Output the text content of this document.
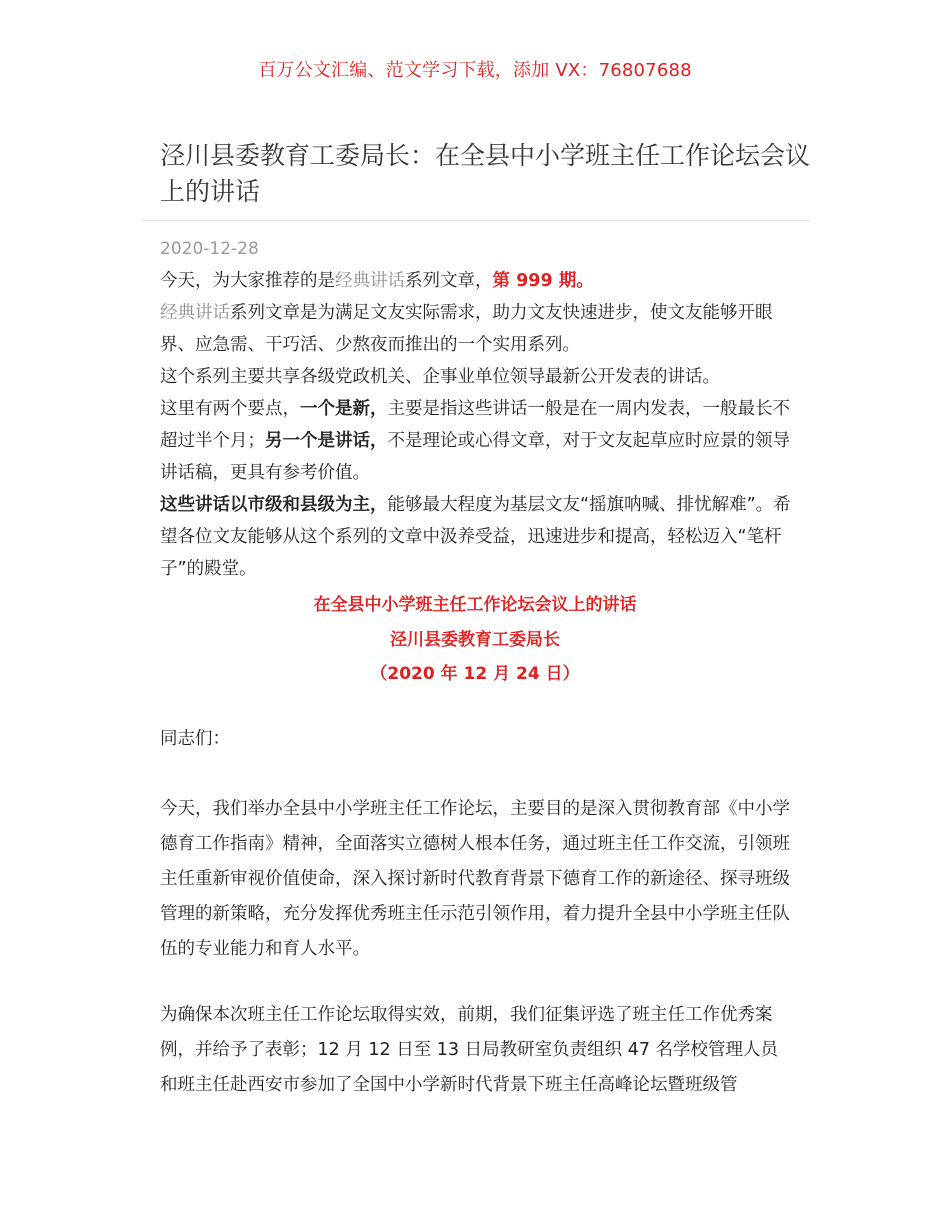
百万公文汇编、范文学习下载，添加 VX：76807688
泾川县委教育工委局长：在全县中小学班主任工作论坛会议上的讲话
2020-12-28

今天，为大家推荐的是经典讲话系列文章，第 999 期。

经典讲话系列文章是为满足文友实际需求，助力文友快速进步，使文友能够开眼界、应急需、干巧活、少熬夜而推出的一个实用系列。

这个系列主要共享各级党政机关、企事业单位领导最新公开发表的讲话。

这里有两个要点，一个是新，主要是指这些讲话一般是在一周内发表，一般最长不超过半个月；另一个是讲话，不是理论或心得文章，对于文友起草应时应景的领导讲话稿，更具有参考价值。

这些讲话以市级和县级为主，能够最大程度为基层文友“摇旗呐喊、排忧解难”。希望各位文友能够从这个系列的文章中汲养受益，迅速进步和提高，轻松迈入“笔杆子”的殿堂。

在全县中小学班主任工作论坛会议上的讲话
泾川县委教育工委局长
（2020 年 12 月 24 日）

同志们：

今天，我们举办全县中小学班主任工作论坛，主要目的是深入贯彻教育部《中小学德育工作指南》精神，全面落实立德树人根本任务，通过班主任工作交流，引领班主任重新审视价值使命，深入探讨新时代教育背景下德育工作的新途径、探寻班级管理的新策略，充分发挥优秀班主任示范引领作用，着力提升全县中小学班主任队伍的专业能力和育人水平。

为确保本次班主任工作论坛取得实效，前期，我们征集评选了班主任工作优秀案例，并给予了表彰；12 月 12 日至 13 日局教研室负责组织 47 名学校管理人员和班主任赴西安市参加了全国中小学新时代背景下班主任高峰论坛暨班级管
